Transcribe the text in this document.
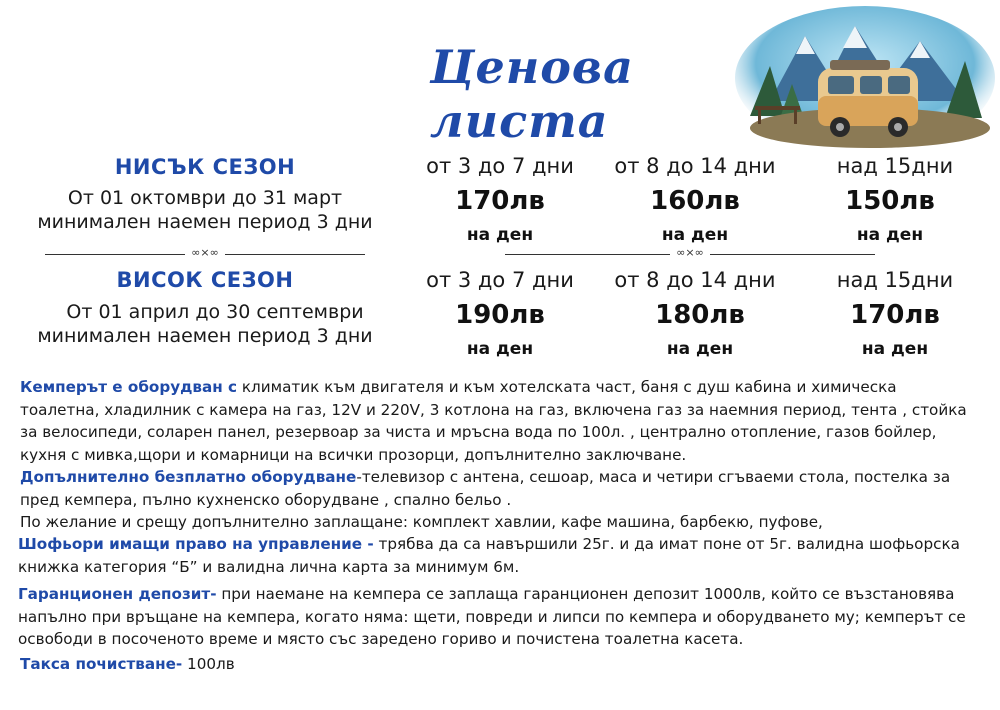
Ценова листа
НИСЪК СЕЗОН
От 01 октомври до 31 март
минимален наемен период 3 дни
от 3 до 7 дни	от 8 до 14 дни	над 15дни
170лв	160лв	150лв
на ден	на ден	на ден
∞×∞	∞×∞
ВИСОК СЕЗОН
От 01 април до 30 септември
минимален наемен период 3 дни
от 3 до 7 дни	от 8 до 14 дни	над 15дни
190лв	180лв	170лв
на ден	на ден	на ден
Кемперът е оборудван с климатик към двигателя и към хотелската част, баня с душ кабина и химическа тоалетна, хладилник с камера на газ, 12V и 220V, 3 котлона на газ, включена газ за наемния период, тента , стойка за велосипеди, соларен панел, резервоар за чиста и мръсна вода по 100л. , централно отопление, газов бойлер, кухня с мивка,щори и комарници на всички прозорци, допълнително заключване.
Допълнително безплатно оборудване-телевизор с антена, сешоар, маса и четири сгъваеми стола, постелка за пред кемпера, пълно кухненско оборудване , спално бельо .
По желание и срещу допълнително заплащане: комплект хавлии, кафе машина, барбекю, пуфове,
Шофьори имащи право на управление - трябва да са навършили 25г. и да имат поне от 5г. валидна шофьорска книжка категория “Б” и валидна лична карта за минимум 6м.
Гаранционен депозит- при наемане на кемпера се заплаща гаранционен депозит 1000лв, който се възстановява напълно при връщане на кемпера, когато няма: щети, повреди и липси по кемпера и оборудването му; кемперът се освободи в посоченото време и място със заредено гориво и почистена тоалетна касета.
Такса почистване- 100лв
